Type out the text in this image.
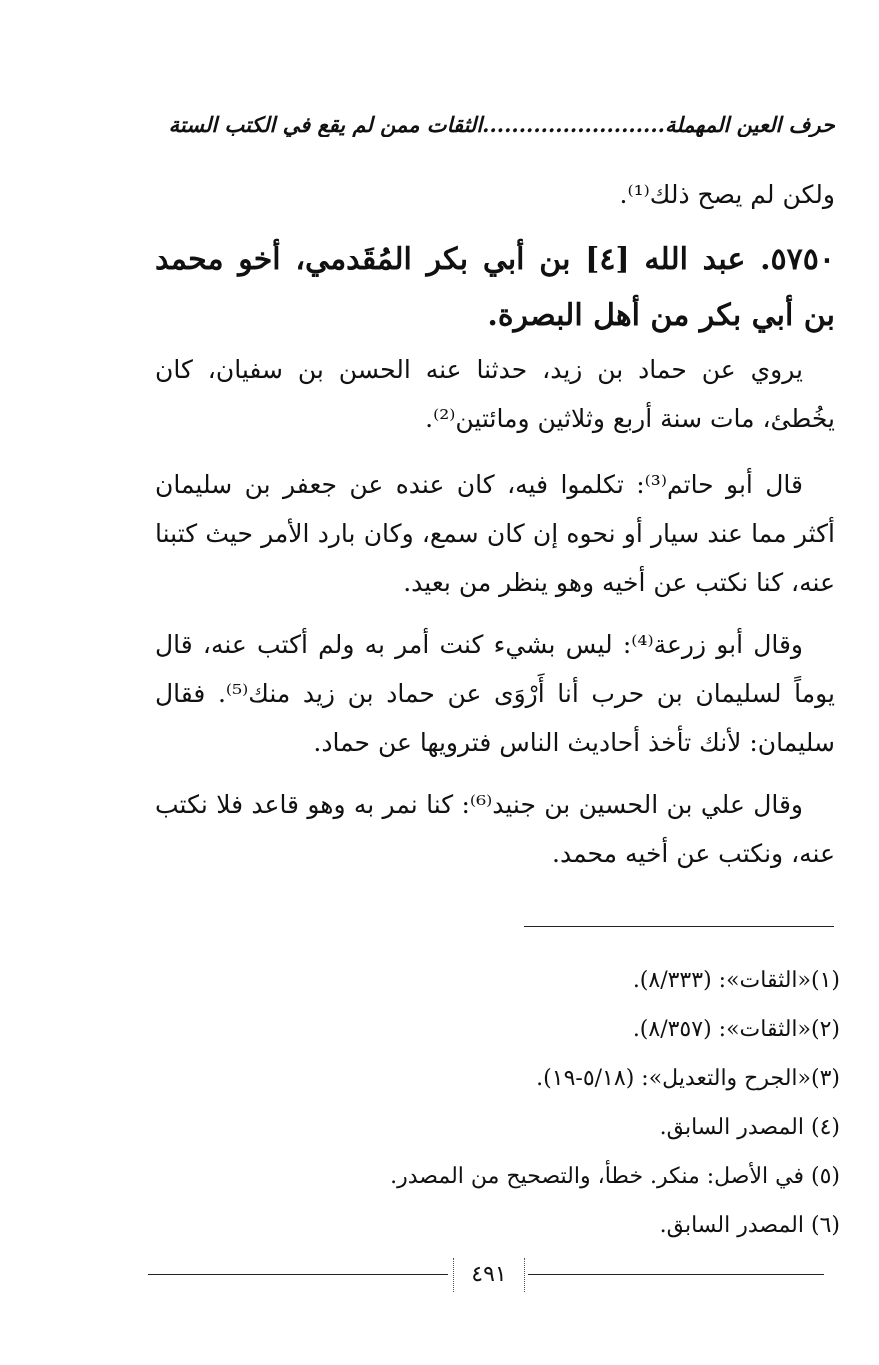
حرف العين المهملة.........................الثقات ممن لم يقع في الكتب الستة
ولكن لم يصح ذلك⁽¹⁾.
٥٧٥٠. عبد الله [٤] بن أبي بكر المُقَدمي، أخو محمد بن أبي بكر من أهل البصرة.

يروي عن حماد بن زيد، حدثنا عنه الحسن بن سفيان، كان يخُطئ، مات سنة أربع وثلاثين ومائتين⁽²⁾.

قال أبو حاتم⁽³⁾: تكلموا فيه، كان عنده عن جعفر بن سليمان أكثر مما عند سيار أو نحوه إن كان سمع، وكان بارد الأمر حيث كتبنا عنه، كنا نكتب عن أخيه وهو ينظر من بعيد.

وقال أبو زرعة⁽⁴⁾: ليس بشيء كنت أمر به ولم أكتب عنه، قال يوماً لسليمان بن حرب أنا أَرْوَى عن حماد بن زيد منك⁽⁵⁾. فقال سليمان: لأنك تأخذ أحاديث الناس فترويها عن حماد.

وقال علي بن الحسين بن جنيد⁽⁶⁾: كنا نمر به وهو قاعد فلا نكتب عنه، ونكتب عن أخيه محمد.

(١)«الثقات»: (٨/٣٣٣).
(٢)«الثقات»: (٨/٣٥٧).
(٣)«الجرح والتعديل»: (٥/١٨-١٩).
(٤) المصدر السابق.
(٥) في الأصل: منكر. خطأ، والتصحيح من المصدر.
(٦) المصدر السابق.
٤٩١
